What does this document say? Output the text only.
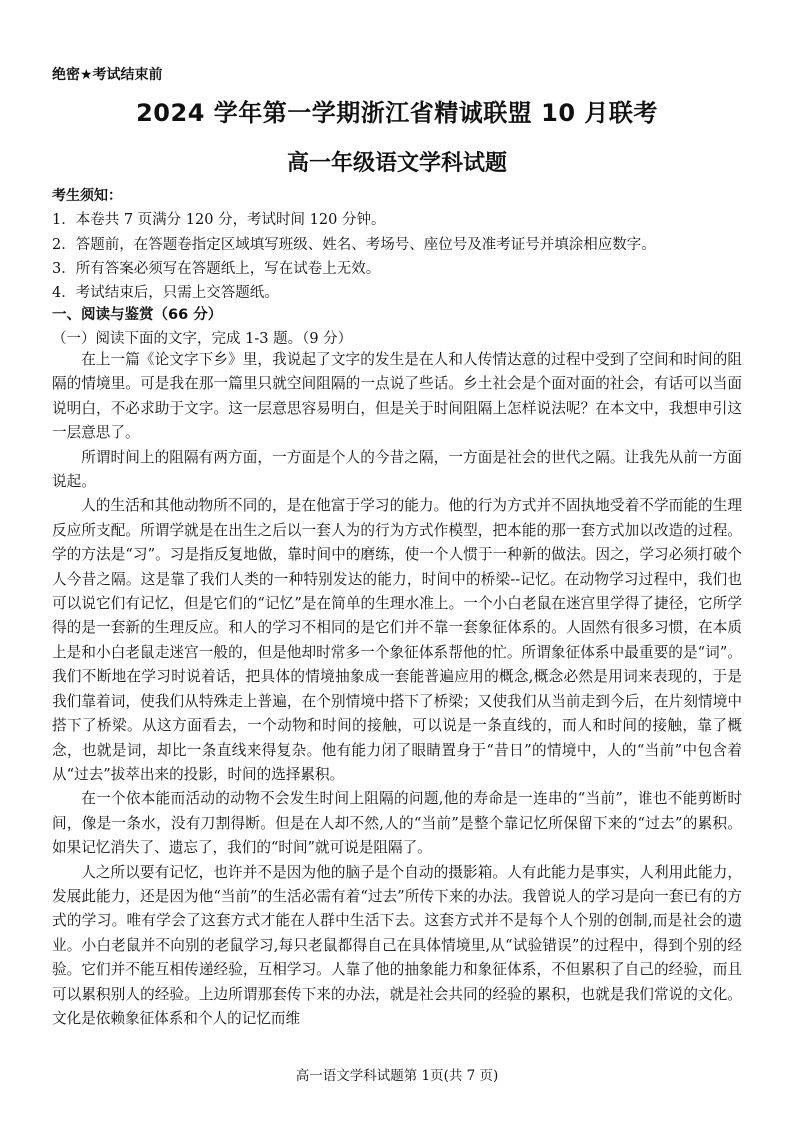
绝密★考试结束前
2024 学年第一学期浙江省精诚联盟 10 月联考
高一年级语文学科试题
考生须知：
1．本卷共 7 页满分 120 分，考试时间 120 分钟。
2．答题前，在答题卷指定区域填写班级、姓名、考场号、座位号及准考证号并填涂相应数字。
3．所有答案必须写在答题纸上，写在试卷上无效。
4．考试结束后，只需上交答题纸。
一、阅读与鉴赏（66 分）
（一）阅读下面的文字，完成 1-3 题。（9 分）

在上一篇《论文字下乡》里，我说起了文字的发生是在人和人传情达意的过程中受到了空间和时间的阻隔的情境里。可是我在那一篇里只就空间阻隔的一点说了些话。乡土社会是个面对面的社会，有话可以当面说明白，不必求助于文字。这一层意思容易明白，但是关于时间阻隔上怎样说法呢？在本文中，我想申引这一层意思了。

所谓时间上的阻隔有两方面，一方面是个人的今昔之隔，一方面是社会的世代之隔。让我先从前一方面说起。

人的生活和其他动物所不同的，是在他富于学习的能力。他的行为方式并不固执地受着不学而能的生理反应所支配。所谓学就是在出生之后以一套人为的行为方式作模型，把本能的那一套方式加以改造的过程。学的方法是“习”。习是指反复地做，靠时间中的磨练，使一个人惯于一种新的做法。因之，学习必须打破个人今昔之隔。这是靠了我们人类的一种特别发达的能力，时间中的桥梁--记忆。在动物学习过程中，我们也可以说它们有记忆，但是它们的“记忆”是在简单的生理水准上。一个小白老鼠在迷宫里学得了捷径，它所学得的是一套新的生理反应。和人的学习不相同的是它们并不靠一套象征体系的。人固然有很多习惯，在本质上是和小白老鼠走迷宫一般的，但是他却时常多一个象征体系帮他的忙。所谓象征体系中最重要的是“词”。我们不断地在学习时说着话，把具体的情境抽象成一套能普遍应用的概念,概念必然是用词来表现的，于是我们靠着词，使我们从特殊走上普遍，在个别情境中搭下了桥梁；又使我们从当前走到今后，在片刻情境中搭下了桥梁。从这方面看去，一个动物和时间的接触，可以说是一条直线的，而人和时间的接触，靠了概念，也就是词，却比一条直线来得复杂。他有能力闭了眼睛置身于“昔日”的情境中，人的“当前”中包含着从“过去”拔萃出来的投影，时间的选择累积。

在一个依本能而活动的动物不会发生时间上阻隔的问题,他的寿命是一连串的“当前”，谁也不能剪断时间，像是一条水，没有刀割得断。但是在人却不然,人的“当前”是整个靠记忆所保留下来的“过去”的累积。如果记忆消失了、遗忘了，我们的“时间”就可说是阻隔了。

人之所以要有记忆，也许并不是因为他的脑子是个自动的摄影箱。人有此能力是事实，人利用此能力，发展此能力，还是因为他“当前”的生活必需有着“过去”所传下来的办法。我曾说人的学习是向一套已有的方式的学习。唯有学会了这套方式才能在人群中生活下去。这套方式并不是每个人个别的创制,而是社会的遗业。小白老鼠并不向别的老鼠学习,每只老鼠都得自己在具体情境里,从“试验错误”的过程中，得到个别的经验。它们并不能互相传递经验，互相学习。人靠了他的抽象能力和象征体系，不但累积了自己的经验，而且可以累积别人的经验。上边所谓那套传下来的办法，就是社会共同的经验的累积，也就是我们常说的文化。文化是依赖象征体系和个人的记忆而维

高一语文学科试题第 1页(共 7 页)
